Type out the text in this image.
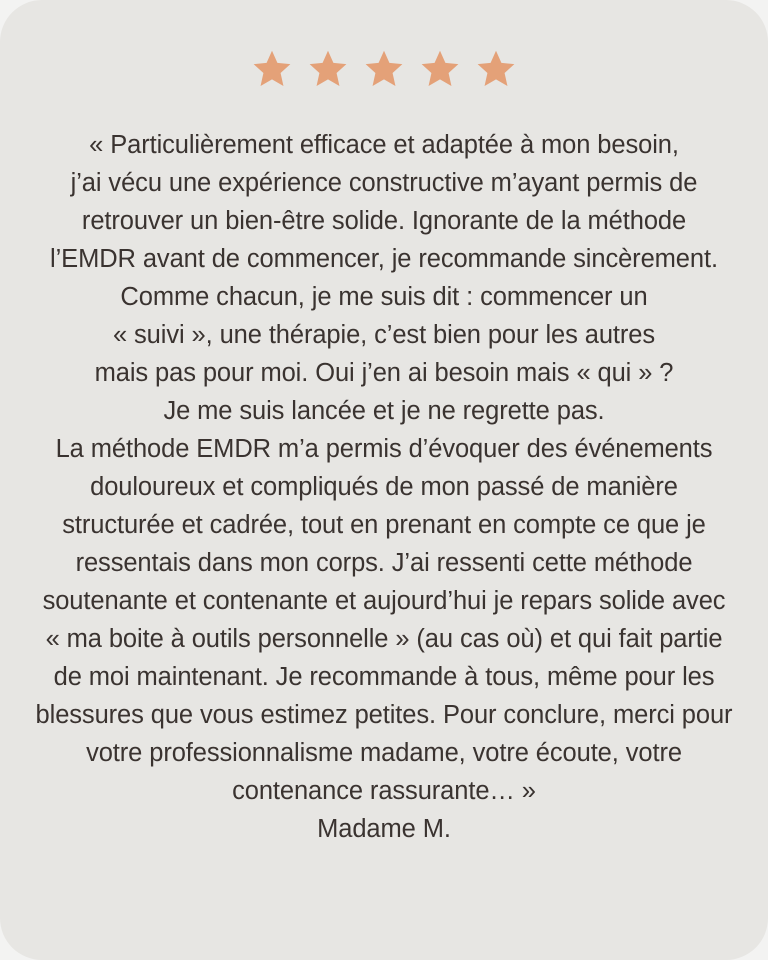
« Particulièrement efficace et adaptée à mon besoin, j’ai vécu une expérience constructive m’ayant permis de retrouver un bien-être solide. Ignorante de la méthode l’EMDR avant de commencer, je recommande sincèrement.

Comme chacun, je me suis dit : commencer un « suivi », une thérapie, c’est bien pour les autres mais pas pour moi. Oui j’en ai besoin mais « qui » ?

Je me suis lancée et je ne regrette pas.

La méthode EMDR m’a permis d’évoquer des événements douloureux et compliqués de mon passé de manière structurée et cadrée, tout en prenant en compte ce que je ressentais dans mon corps. J’ai ressenti cette méthode soutenante et contenante et aujourd’hui je repars solide avec « ma boite à outils personnelle » (au cas où) et qui fait partie de moi maintenant. Je recommande à tous, même pour les blessures que vous estimez petites. Pour conclure, merci pour votre professionnalisme madame, votre écoute, votre contenance rassurante… »

Madame M.
